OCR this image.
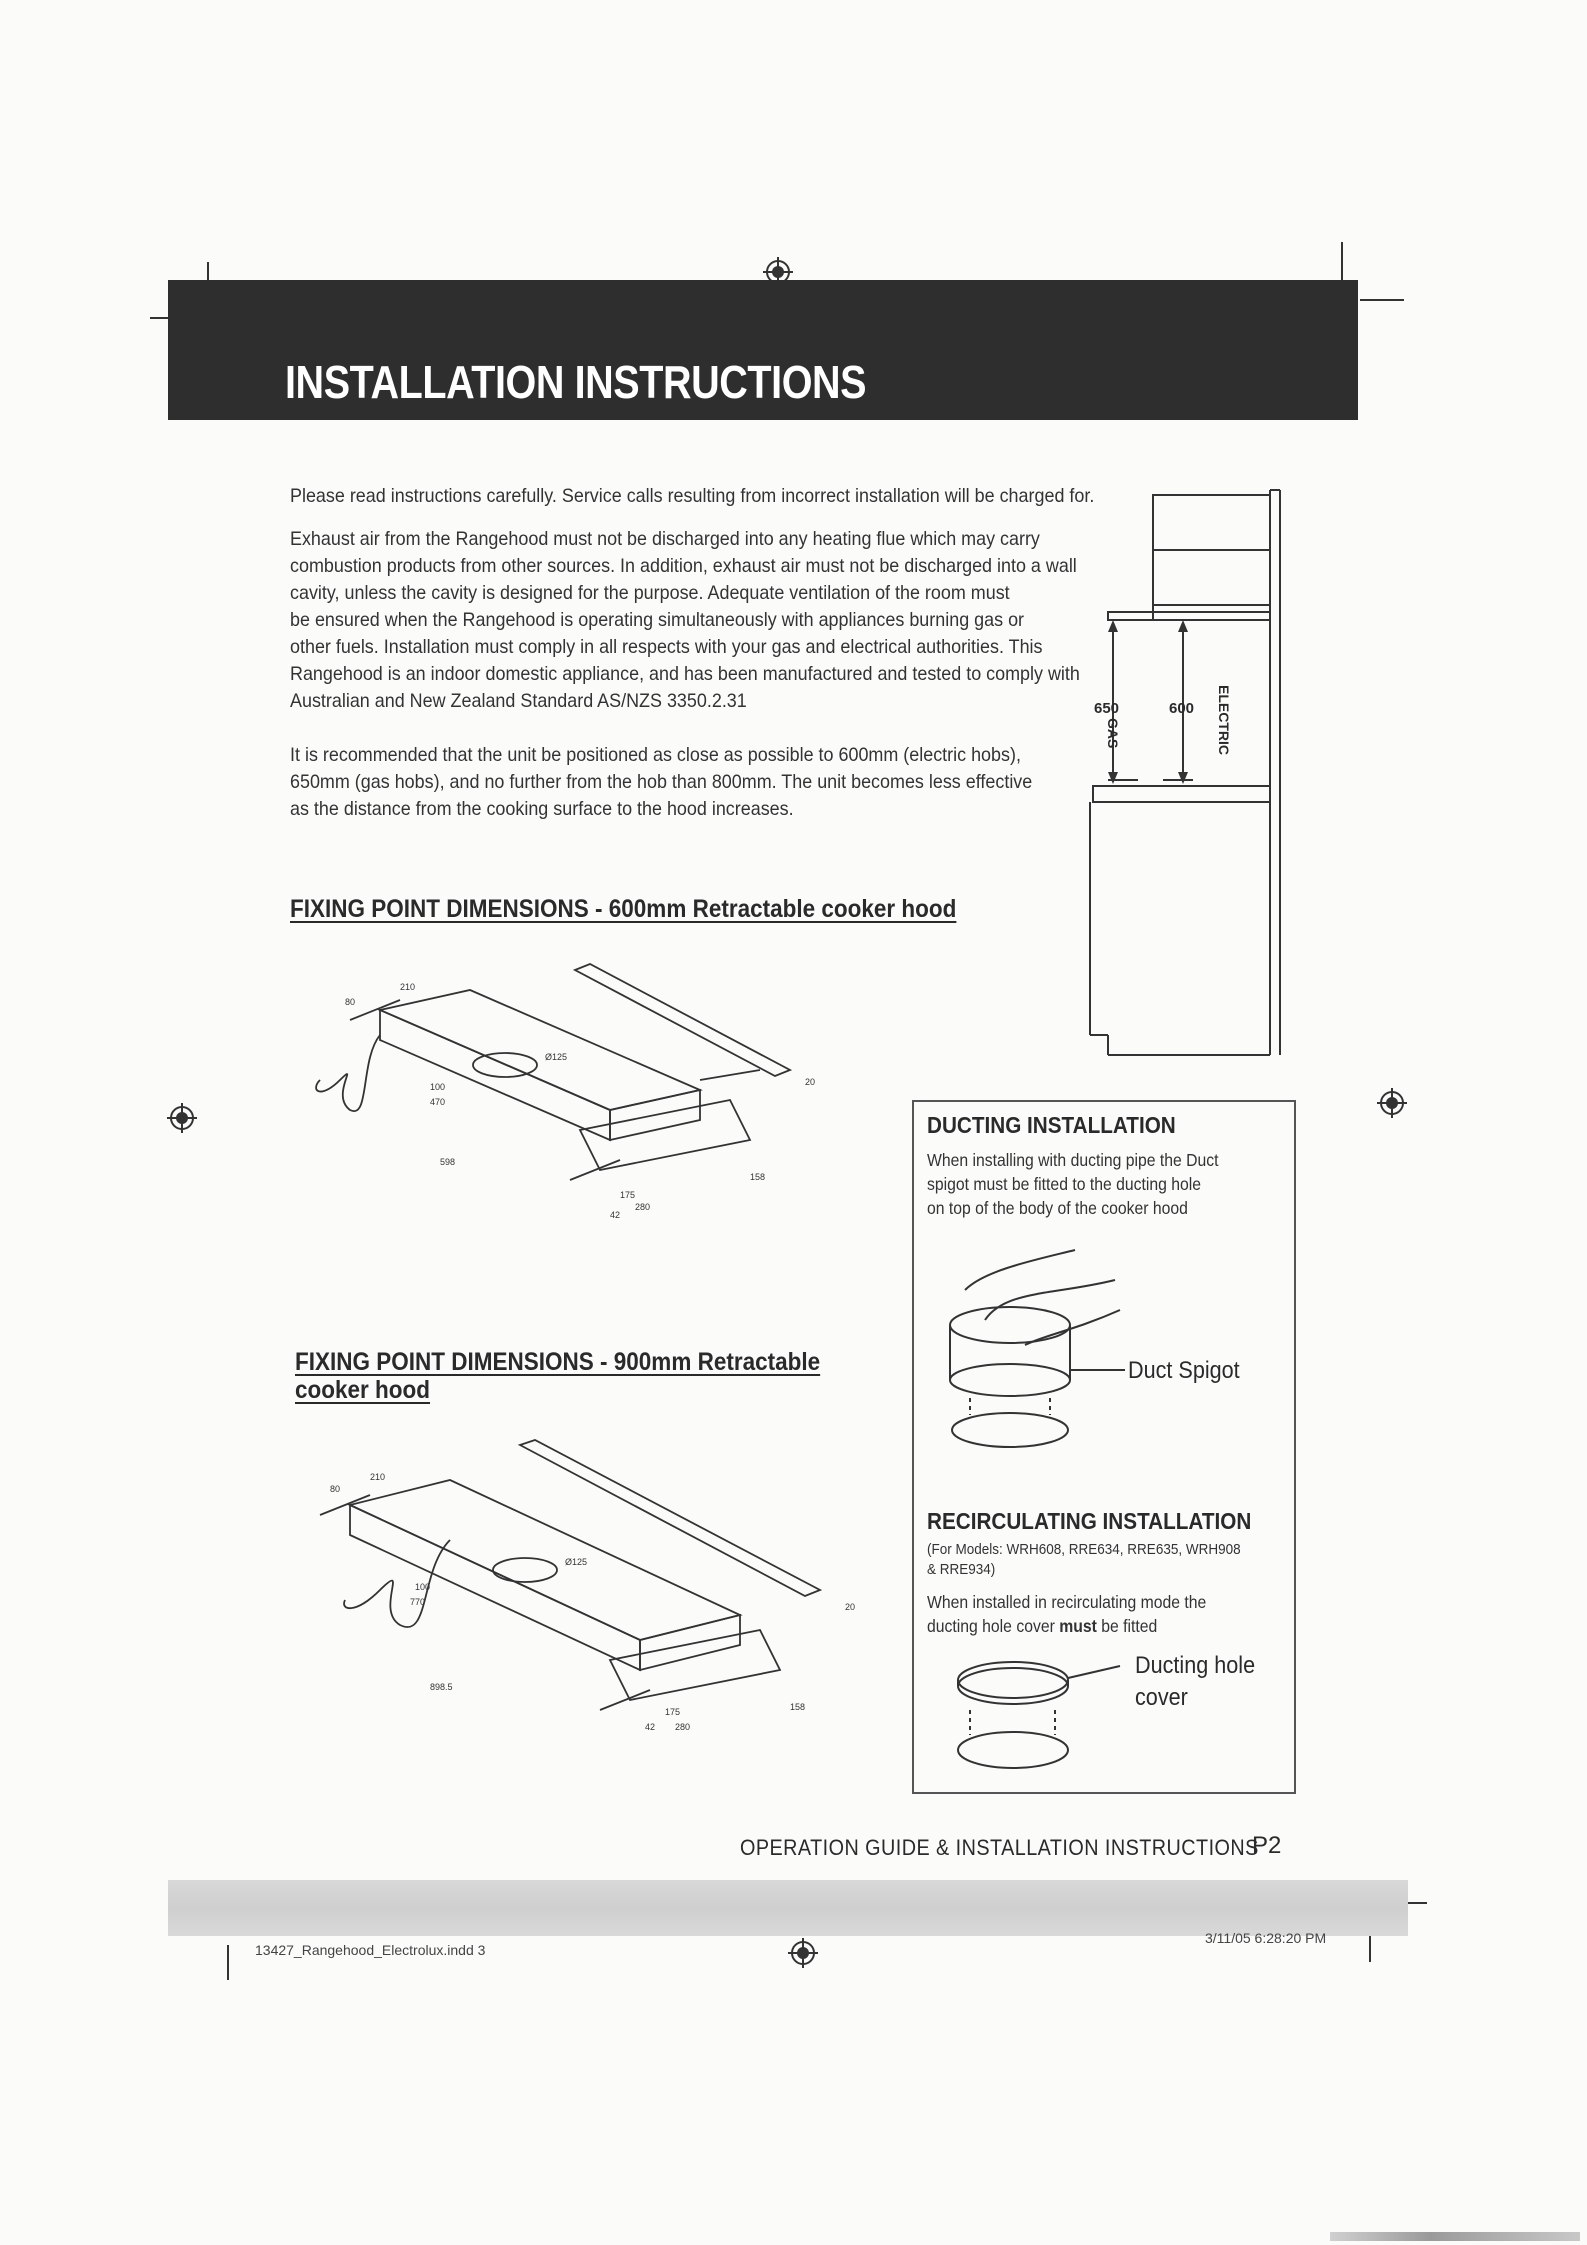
INSTALLATION INSTRUCTIONS
Please read instructions carefully. Service calls resulting from incorrect installation will be charged for.
Exhaust air from the Rangehood must not be discharged into any heating flue which may carry
combustion products from other sources. In addition, exhaust air must not be discharged into a wall
cavity, unless the cavity is designed for the purpose. Adequate ventilation of the room must
be ensured when the Rangehood is operating simultaneously with appliances burning gas or
other fuels. Installation must comply in all respects with your gas and electrical authorities. This
Rangehood is an indoor domestic appliance, and has been manufactured and tested to comply with
Australian and New Zealand Standard AS/NZS 3350.2.31
It is recommended that the unit be positioned as close as possible to 600mm (electric hobs),
650mm (gas hobs), and no further from the hob than 800mm. The unit becomes less effective
as the distance from the cooking surface to the hood increases.
650
GAS
600 ELECTRIC
FIXING POINT DIMENSIONS - 600mm Retractable cooker hood
210
80
Ø125
100
470
598
158
175
280
42
20
FIXING POINT DIMENSIONS - 900mm Retractable
cooker hood
210
80
Ø125
100
770
898.5
158
175
280
42
20
DUCTING INSTALLATION
When installing with ducting pipe the Duct
spigot must be fitted to the ducting hole
on top of the body of the cooker hood
Duct Spigot
RECIRCULATING INSTALLATION
(For Models: WRH608, RRE634, RRE635, WRH908
& RRE934)
When installed in recirculating mode the
ducting hole cover must be fitted
Ducting hole
cover
OPERATION GUIDE & INSTALLATION INSTRUCTIONS
P2
13427_Rangehood_Electrolux.indd 3
3/11/05 6:28:20 PM
